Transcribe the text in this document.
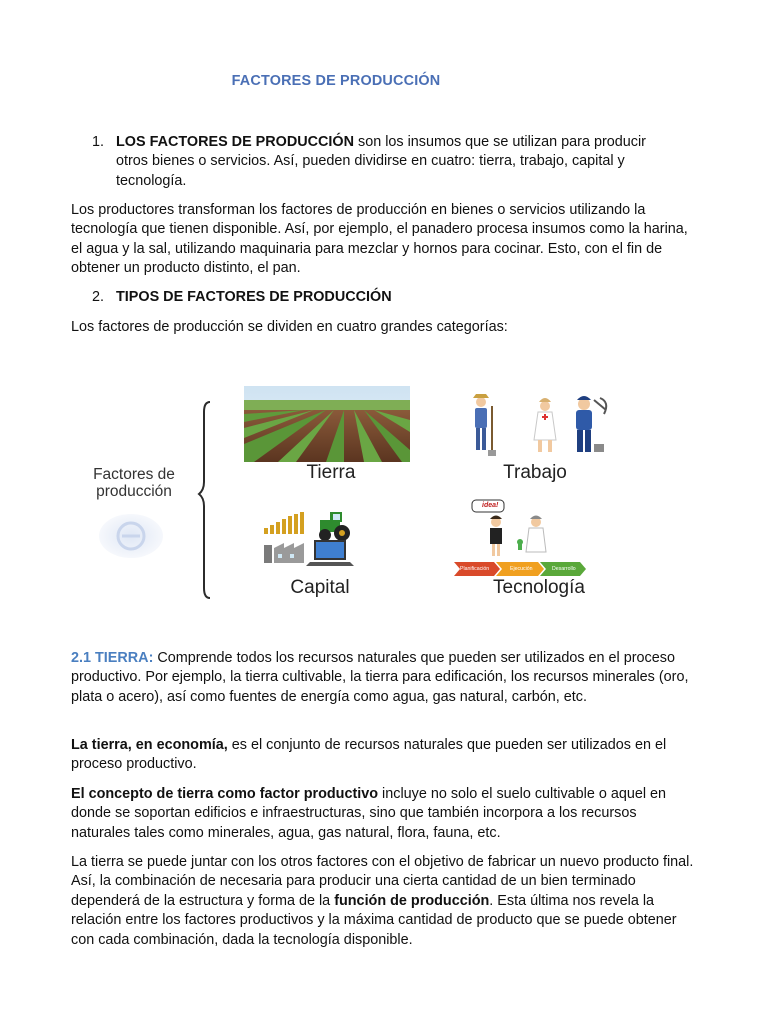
FACTORES DE PRODUCCIÓN

1. LOS FACTORES DE PRODUCCIÓN son los insumos que se utilizan para producir otros bienes o servicios. Así, pueden dividirse en cuatro: tierra, trabajo, capital y tecnología.

Los productores transforman los factores de producción en bienes o servicios utilizando la tecnología que tienen disponible. Así, por ejemplo, el panadero procesa insumos como la harina, el agua y la sal, utilizando maquinaria para mezclar y hornos para cocinar. Esto, con el fin de obtener un producto distinto, el pan.

2. TIPOS DE FACTORES DE PRODUCCIÓN

Los factores de producción se dividen en cuatro grandes categorías:

Factores de producción
Tierra	Trabajo
Capital	Tecnología
idea!
Planificación	Ejecución	Desarrollo

2.1 TIERRA: Comprende todos los recursos naturales que pueden ser utilizados en el proceso productivo. Por ejemplo, la tierra cultivable, la tierra para edificación, los recursos minerales (oro, plata o acero), así como fuentes de energía como agua, gas natural, carbón, etc.

La tierra, en economía, es el conjunto de recursos naturales que pueden ser utilizados en el proceso productivo.

El concepto de tierra como factor productivo incluye no solo el suelo cultivable o aquel en donde se soportan edificios e infraestructuras, sino que también incorpora a los recursos naturales tales como minerales, agua, gas natural, flora, fauna, etc.

La tierra se puede juntar con los otros factores con el objetivo de fabricar un nuevo producto final. Así, la combinación de necesaria para producir una cierta cantidad de un bien terminado dependerá de la estructura y forma de la función de producción. Esta última nos revela la relación entre los factores productivos y la máxima cantidad de producto que se puede obtener con cada combinación, dada la tecnología disponible.
